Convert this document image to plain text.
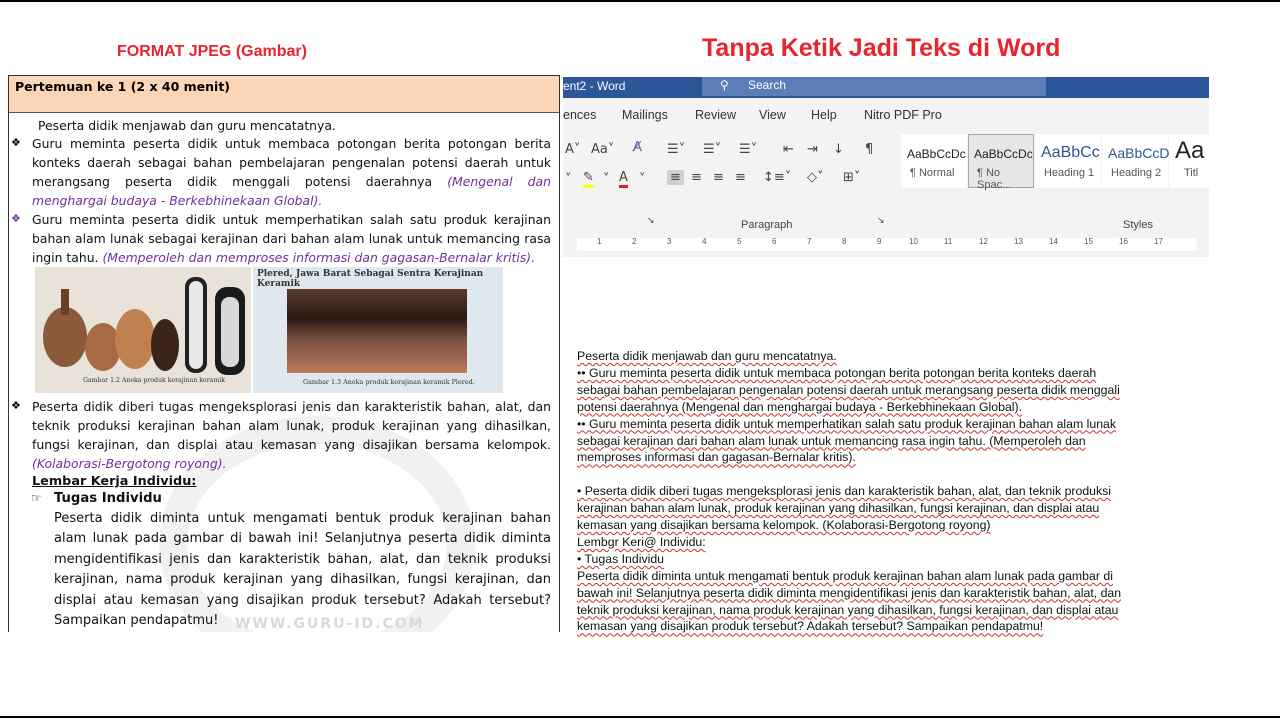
FORMAT JPEG (Gambar)	Tanpa Ketik Jadi Teks di Word
Pertemuan ke 1 (2 x 40 menit)
Peserta didik menjawab dan guru mencatatnya.
❖ Guru meminta peserta didik untuk membaca potongan berita potongan berita konteks daerah sebagai bahan pembelajaran pengenalan potensi daerah untuk merangsang peserta didik menggali potensi daerahnya (Mengenal dan menghargai budaya - Berkebhinekaan Global).
❖ Guru meminta peserta didik untuk memperhatikan salah satu produk kerajinan bahan alam lunak sebagai kerajinan dari bahan alam lunak untuk memancing rasa ingin tahu. (Memperoleh dan memproses informasi dan gagasan-Bernalar kritis).
Gambar 1.2 Aneka produk kerajinan keramik
Plered, Jawa Barat Sebagai Sentra Kerajinan Keramik
Gambar 1.3 Aneka produk kerajinan keramik Plered.
❖ Peserta didik diberi tugas mengeksplorasi jenis dan karakteristik bahan, alat, dan teknik produksi kerajinan bahan alam lunak, produk kerajinan yang dihasilkan, fungsi kerajinan, dan displai atau kemasan yang disajikan bersama kelompok. (Kolaborasi-Bergotong royong).
Lembar Kerja Individu:
☞ Tugas Individu
Peserta didik diminta untuk mengamati bentuk produk kerajinan bahan alam lunak pada gambar di bawah ini! Selanjutnya peserta didik diminta mengidentifikasi jenis dan karakteristik bahan, alat, dan teknik produksi kerajinan, nama produk kerajinan yang dihasilkan, fungsi kerajinan, dan displai atau kemasan yang disajikan produk tersebut? Adakah tersebut? Sampaikan pendapatmu!	WWW.GURU-ID.COM
ent2 - Word	⚲ Search
ences Mailings Review View Help Nitro PDF Pro
A˅ Aa˅ A̸
˅ ✎ ˅ A ˅
☰˅ ☰˅ ☰˅ ⇤ ⇥ ↓ ¶
≡ ≡ ≡ ≡ ↕≡˅ ◇˅ ⊞˅
Paragraph	↘
↘
AaBbCcDc
¶ Normal
AaBbCcDc
¶ No Spac...
AaBbCc
Heading 1
AaBbCcD
Heading 2
Aa
Titl
Styles
1	2	3	4	5	6	7	8	9	10	11	12	13	14	15	16	17
Peserta didik menjawab dan guru mencatatnya.
•• Guru meminta peserta didik untuk membaca potongan berita potongan berita konteks daerah
sebagai bahan pembelajaran pengenalan potensi daerah untuk merangsang peserta didik menggali
potensi daerahnya (Mengenal dan menghargai budaya - Berkebhinekaan Global).
•• Guru meminta peserta didik untuk memperhatikan salah satu produk kerajinan bahan alam lunak
sebagai kerajinan dari bahan alam lunak untuk memancing rasa ingin tahu. (Memperoleh dan
memproses informasi dan gagasan-Bernalar kritis).
• Peserta didik diberi tugas mengeksplorasi jenis dan karakteristik bahan, alat, dan teknik produksi
kerajinan bahan alam lunak, produk kerajinan yang dihasilkan, fungsi kerajinan, dan displai atau
kemasan yang disajikan bersama kelompok. (Kolaborasi-Bergotong royong)
Lembgr Keri@ Individu:
• Tugas Individu
Peserta didik diminta untuk mengamati bentuk produk kerajinan bahan alam lunak pada gambar di
bawah ini! Selanjutnya peserta didik diminta mengidentifikasi jenis dan karakteristik bahan, alat, dan
teknik produksi kerajinan, nama produk kerajinan yang dihasilkan, fungsi kerajinan, dan displai atau
kemasan yang disajikan produk tersebut? Adakah tersebut? Sampaikan pendapatmu!
